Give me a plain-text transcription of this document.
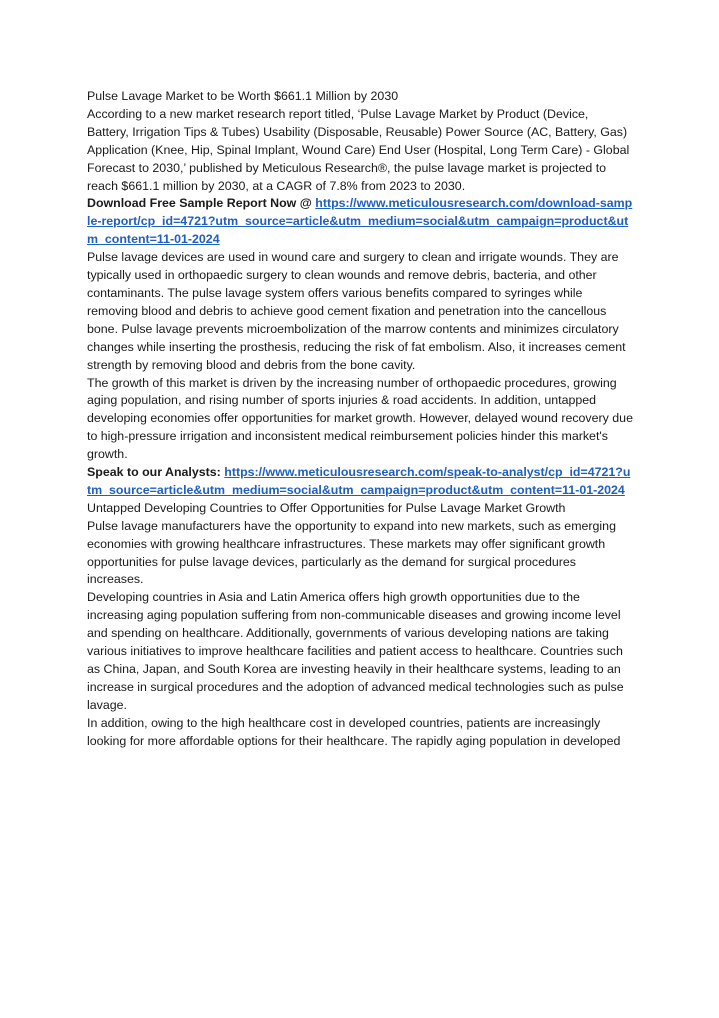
Pulse Lavage Market to be Worth $661.1 Million by 2030

According to a new market research report titled, ‘Pulse Lavage Market by Product (Device, Battery, Irrigation Tips & Tubes) Usability (Disposable, Reusable) Power Source (AC, Battery, Gas) Application (Knee, Hip, Spinal Implant, Wound Care) End User (Hospital, Long Term Care) - Global Forecast to 2030,’ published by Meticulous Research®, the pulse lavage market is projected to reach $661.1 million by 2030, at a CAGR of 7.8% from 2023 to 2030.

Download Free Sample Report Now @ https://www.meticulousresearch.com/download-sample-report/cp_id=4721?utm_source=article&utm_medium=social&utm_campaign=product&utm_content=11-01-2024

Pulse lavage devices are used in wound care and surgery to clean and irrigate wounds. They are typically used in orthopaedic surgery to clean wounds and remove debris, bacteria, and other contaminants. The pulse lavage system offers various benefits compared to syringes while removing blood and debris to achieve good cement fixation and penetration into the cancellous bone. Pulse lavage prevents microembolization of the marrow contents and minimizes circulatory changes while inserting the prosthesis, reducing the risk of fat embolism. Also, it increases cement strength by removing blood and debris from the bone cavity.

The growth of this market is driven by the increasing number of orthopaedic procedures, growing aging population, and rising number of sports injuries & road accidents. In addition, untapped developing economies offer opportunities for market growth. However, delayed wound recovery due to high-pressure irrigation and inconsistent medical reimbursement policies hinder this market's growth.

Speak to our Analysts: https://www.meticulousresearch.com/speak-to-analyst/cp_id=4721?utm_source=article&utm_medium=social&utm_campaign=product&utm_content=11-01-2024

Untapped Developing Countries to Offer Opportunities for Pulse Lavage Market Growth

Pulse lavage manufacturers have the opportunity to expand into new markets, such as emerging economies with growing healthcare infrastructures. These markets may offer significant growth opportunities for pulse lavage devices, particularly as the demand for surgical procedures increases.

Developing countries in Asia and Latin America offers high growth opportunities due to the increasing aging population suffering from non-communicable diseases and growing income level and spending on healthcare. Additionally, governments of various developing nations are taking various initiatives to improve healthcare facilities and patient access to healthcare. Countries such as China, Japan, and South Korea are investing heavily in their healthcare systems, leading to an increase in surgical procedures and the adoption of advanced medical technologies such as pulse lavage.

In addition, owing to the high healthcare cost in developed countries, patients are increasingly looking for more affordable options for their healthcare. The rapidly aging population in developed
